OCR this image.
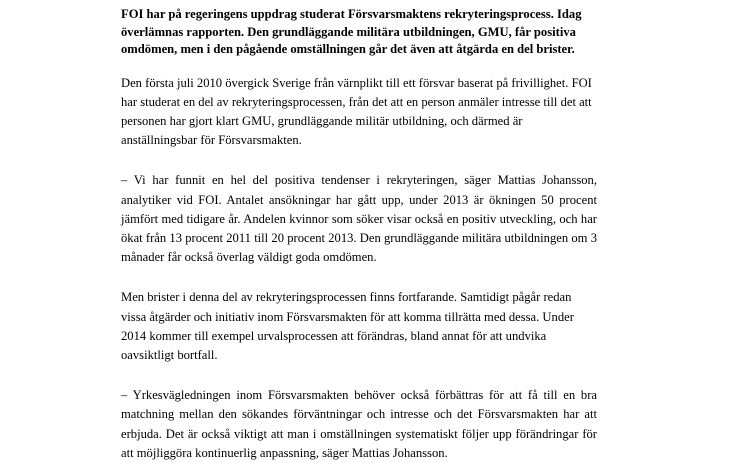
FOI har på regeringens uppdrag studerat Försvarsmaktens rekryteringsprocess. Idag överlämnas rapporten. Den grundläggande militära utbildningen, GMU, får positiva omdömen, men i den pågående omställningen går det även att åtgärda en del brister.

Den första juli 2010 övergick Sverige från värnplikt till ett försvar baserat på frivillighet. FOI har studerat en del av rekryteringsprocessen, från det att en person anmäler intresse till det att personen har gjort klart GMU, grundläggande militär utbildning, och därmed är anställningsbar för Försvarsmakten.

– Vi har funnit en hel del positiva tendenser i rekryteringen, säger Mattias Johansson, analytiker vid FOI. Antalet ansökningar har gått upp, under 2013 är ökningen 50 procent jämfört med tidigare år. Andelen kvinnor som söker visar också en positiv utveckling, och har ökat från 13 procent 2011 till 20 procent 2013. Den grundläggande militära utbildningen om 3 månader får också överlag väldigt goda omdömen.

Men brister i denna del av rekryteringsprocessen finns fortfarande. Samtidigt pågår redan vissa åtgärder och initiativ inom Försvarsmakten för att komma tillrätta med dessa. Under 2014 kommer till exempel urvalsprocessen att förändras, bland annat för att undvika oavsiktligt bortfall.

– Yrkesvägledningen inom Försvarsmakten behöver också förbättras för att få till en bra matchning mellan den sökandes förväntningar och intresse och det Försvarsmakten har att erbjuda. Det är också viktigt att man i omställningen systematiskt följer upp förändringar för att möjliggöra kontinuerlig anpassning, säger Mattias Johansson.
